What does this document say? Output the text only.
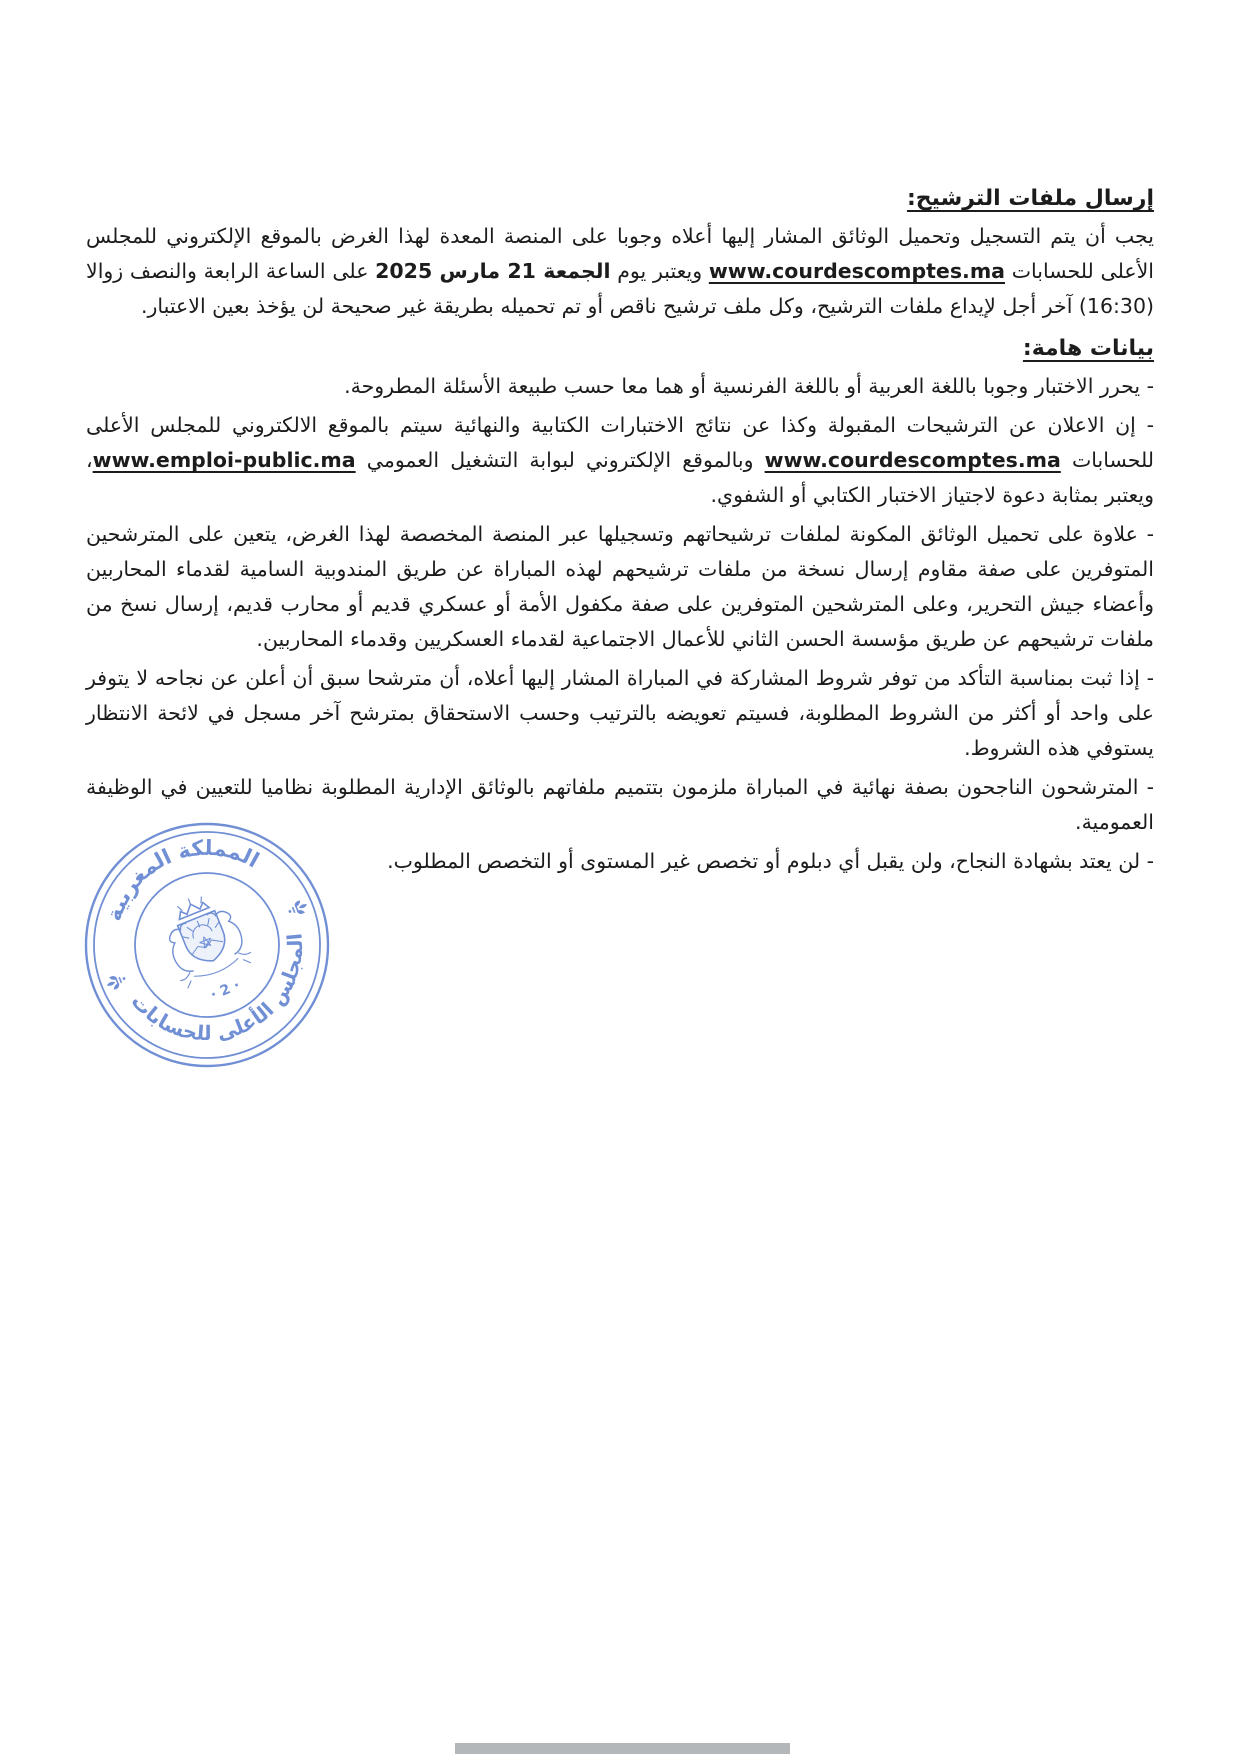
إرسال ملفات الترشيح:

يجب أن يتم التسجيل وتحميل الوثائق المشار إليها أعلاه وجوبا على المنصة المعدة لهذا الغرض بالموقع الإلكتروني للمجلس الأعلى للحسابات www.courdescomptes.ma ويعتبر يوم الجمعة 21 مارس 2025 على الساعة الرابعة والنصف زوالا (16:30) آخر أجل لإيداع ملفات الترشيح، وكل ملف ترشيح ناقص أو تم تحميله بطريقة غير صحيحة لن يؤخذ بعين الاعتبار.

بيانات هامة:

- يحرر الاختبار وجوبا باللغة العربية أو باللغة الفرنسية أو هما معا حسب طبيعة الأسئلة المطروحة.

- إن الاعلان عن الترشيحات المقبولة وكذا عن نتائج الاختبارات الكتابية والنهائية سيتم بالموقع الالكتروني للمجلس الأعلى للحسابات www.courdescomptes.ma وبالموقع الإلكتروني لبوابة التشغيل العمومي www.emploi-public.ma، ويعتبر بمثابة دعوة لاجتياز الاختبار الكتابي أو الشفوي.

- علاوة على تحميل الوثائق المكونة لملفات ترشيحاتهم وتسجيلها عبر المنصة المخصصة لهذا الغرض، يتعين على المترشحين المتوفرين على صفة مقاوم إرسال نسخة من ملفات ترشيحهم لهذه المباراة عن طريق المندوبية السامية لقدماء المحاربين وأعضاء جيش التحرير، وعلى المترشحين المتوفرين على صفة مكفول الأمة أو عسكري قديم أو محارب قديم، إرسال نسخ من ملفات ترشيحهم عن طريق مؤسسة الحسن الثاني للأعمال الاجتماعية لقدماء العسكريين وقدماء المحاربين.

- إذا ثبت بمناسبة التأكد من توفر شروط المشاركة في المباراة المشار إليها أعلاه، أن مترشحا سبق أن أعلن عن نجاحه لا يتوفر على واحد أو أكثر من الشروط المطلوبة، فسيتم تعويضه بالترتيب وحسب الاستحقاق بمترشح آخر مسجل في لائحة الانتظار يستوفي هذه الشروط.

- المترشحون الناجحون بصفة نهائية في المباراة ملزمون بتتميم ملفاتهم بالوثائق الإدارية المطلوبة نظاميا للتعيين في الوظيفة العمومية.

- لن يعتد بشهادة النجاح، ولن يقبل أي دبلوم أو تخصص غير المستوى أو التخصص المطلوب.

المملكة المغربية
المجلس الأعلى للحسابات
· 2 ·
